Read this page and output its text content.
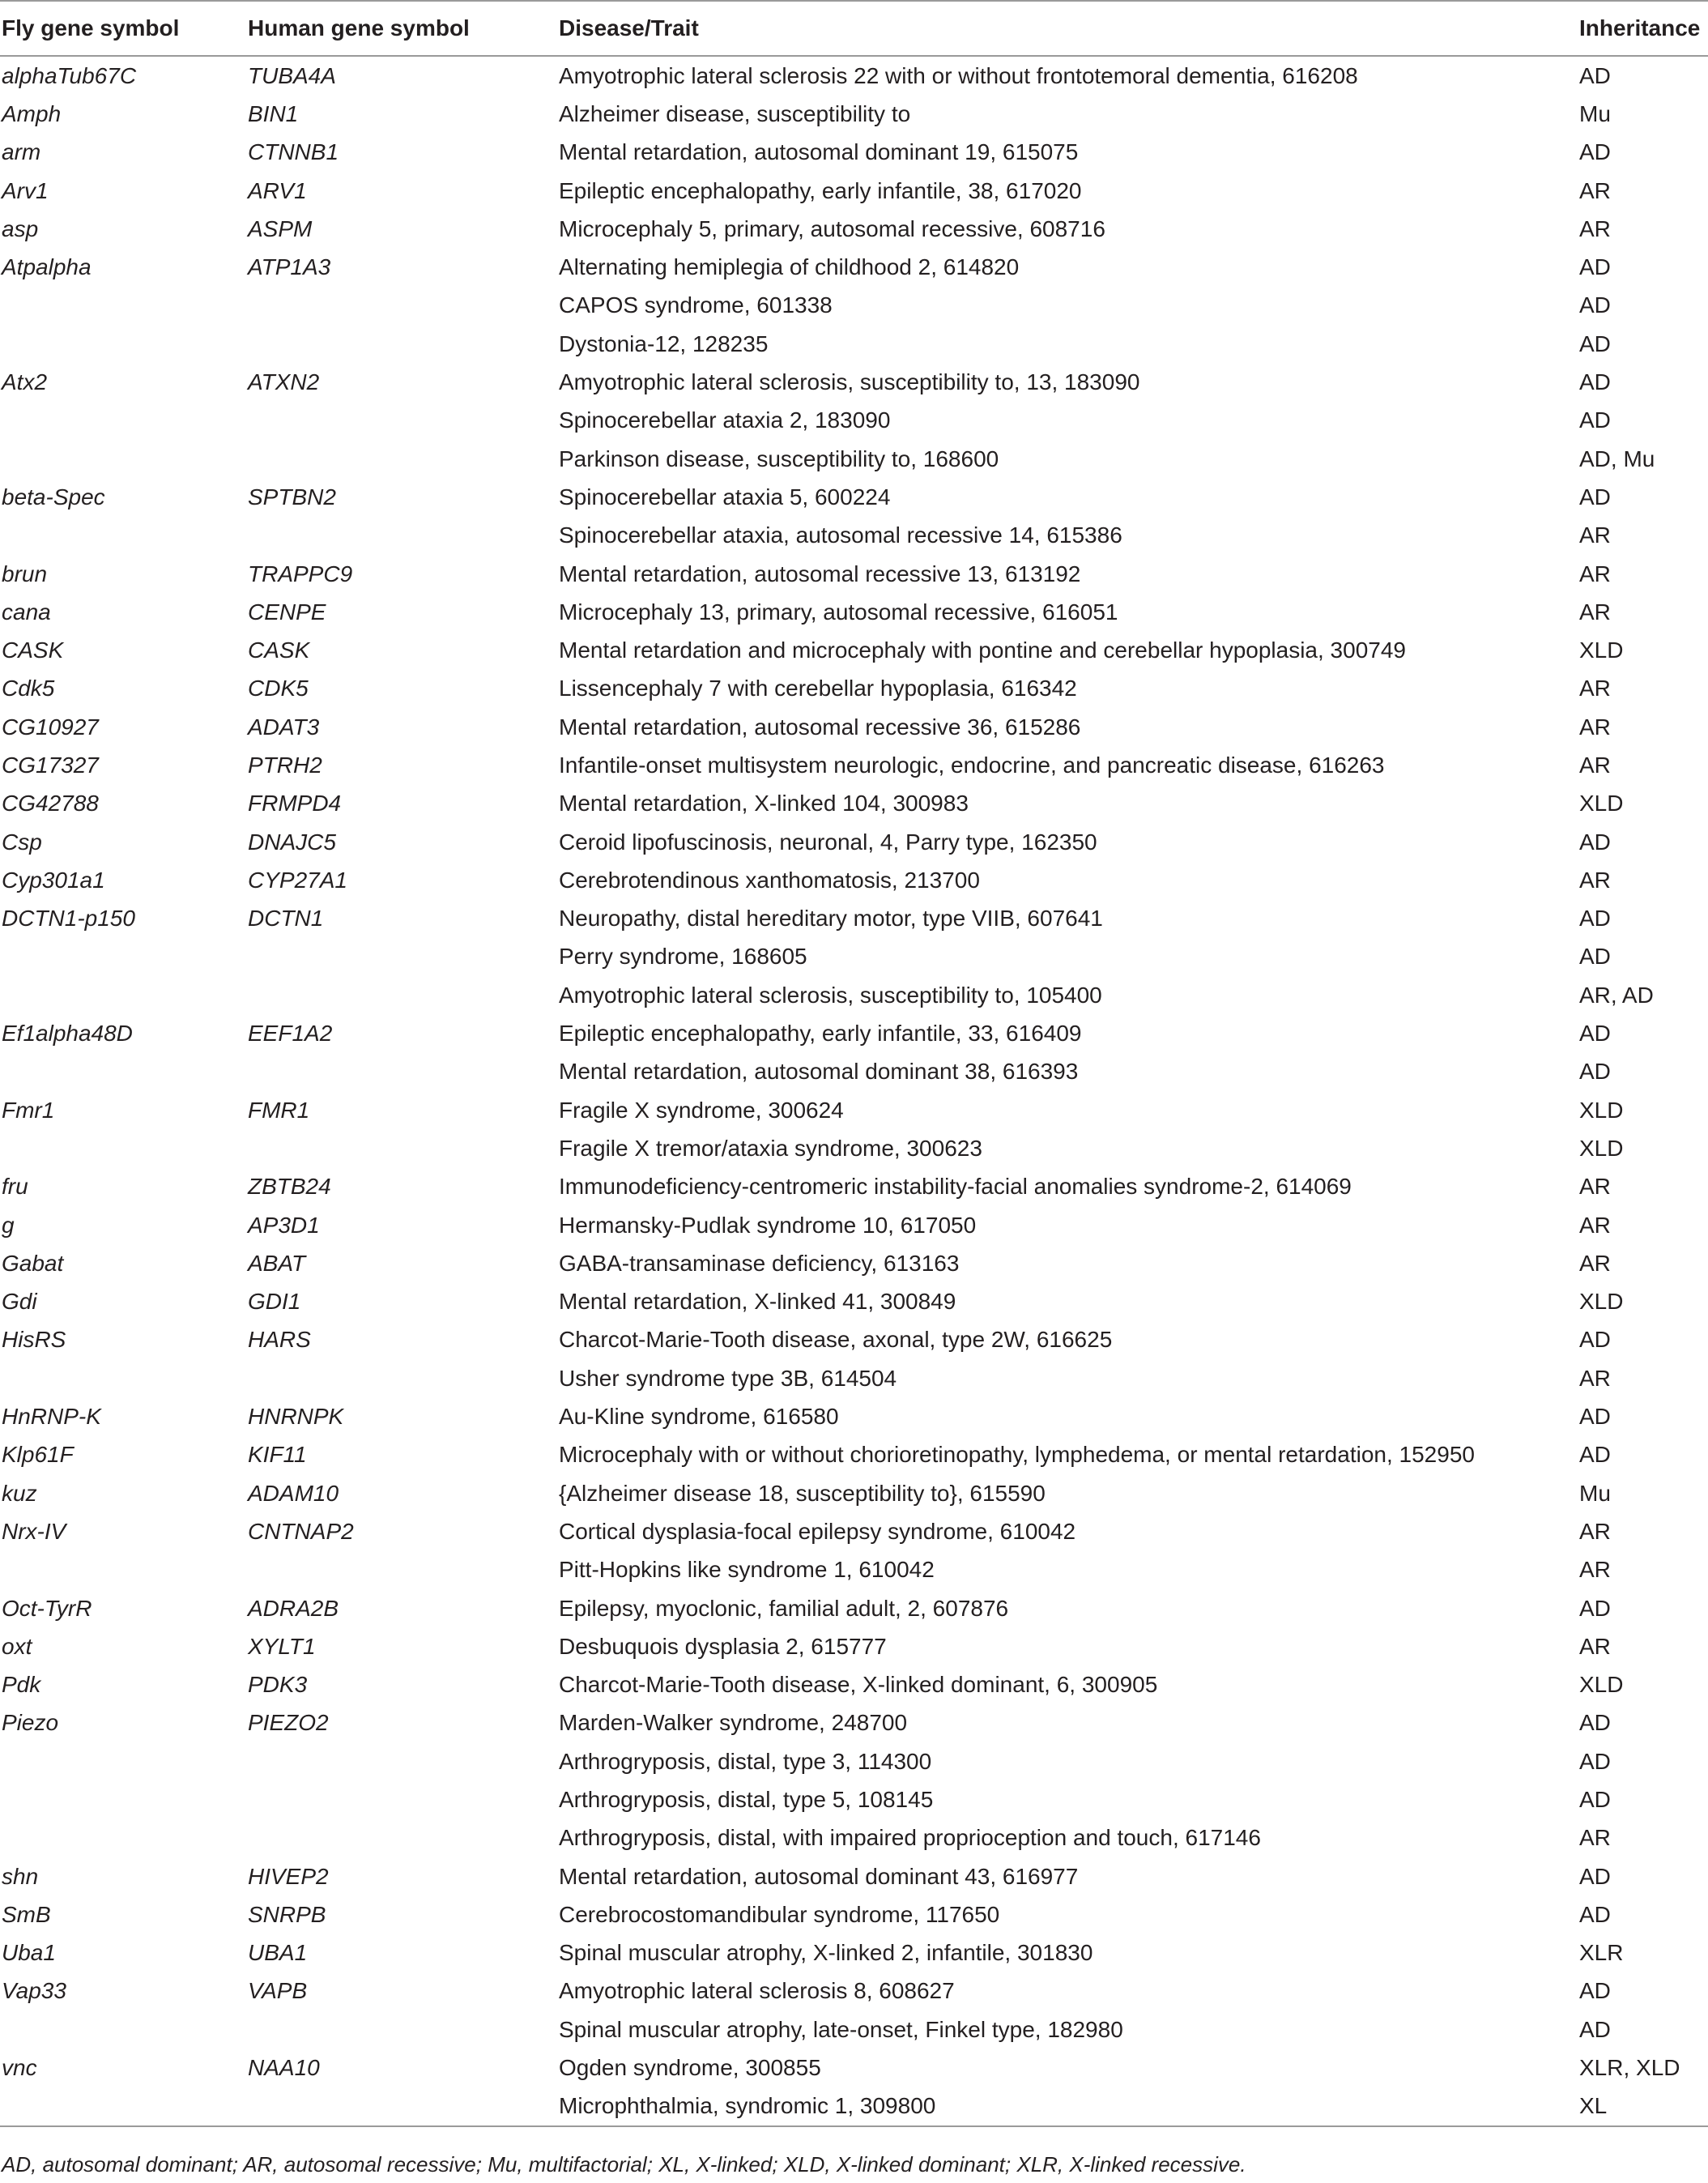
Fly gene symbol	Human gene symbol	Disease/Trait	Inheritance
alphaTub67C	TUBA4A	Amyotrophic lateral sclerosis 22 with or without frontotemoral dementia, 616208	AD
Amph	BIN1	Alzheimer disease, susceptibility to	Mu
arm	CTNNB1	Mental retardation, autosomal dominant 19, 615075	AD
Arv1	ARV1	Epileptic encephalopathy, early infantile, 38, 617020	AR
asp	ASPM	Microcephaly 5, primary, autosomal recessive, 608716	AR
Atpalpha	ATP1A3	Alternating hemiplegia of childhood 2, 614820	AD
		CAPOS syndrome, 601338	AD
		Dystonia-12, 128235	AD
Atx2	ATXN2	Amyotrophic lateral sclerosis, susceptibility to, 13, 183090	AD
		Spinocerebellar ataxia 2, 183090	AD
		Parkinson disease, susceptibility to, 168600	AD, Mu
beta-Spec	SPTBN2	Spinocerebellar ataxia 5, 600224	AD
		Spinocerebellar ataxia, autosomal recessive 14, 615386	AR
brun	TRAPPC9	Mental retardation, autosomal recessive 13, 613192	AR
cana	CENPE	Microcephaly 13, primary, autosomal recessive, 616051	AR
CASK	CASK	Mental retardation and microcephaly with pontine and cerebellar hypoplasia, 300749	XLD
Cdk5	CDK5	Lissencephaly 7 with cerebellar hypoplasia, 616342	AR
CG10927	ADAT3	Mental retardation, autosomal recessive 36, 615286	AR
CG17327	PTRH2	Infantile-onset multisystem neurologic, endocrine, and pancreatic disease, 616263	AR
CG42788	FRMPD4	Mental retardation, X-linked 104, 300983	XLD
Csp	DNAJC5	Ceroid lipofuscinosis, neuronal, 4, Parry type, 162350	AD
Cyp301a1	CYP27A1	Cerebrotendinous xanthomatosis, 213700	AR
DCTN1-p150	DCTN1	Neuropathy, distal hereditary motor, type VIIB, 607641	AD
		Perry syndrome, 168605	AD
		Amyotrophic lateral sclerosis, susceptibility to, 105400	AR, AD
Ef1alpha48D	EEF1A2	Epileptic encephalopathy, early infantile, 33, 616409	AD
		Mental retardation, autosomal dominant 38, 616393	AD
Fmr1	FMR1	Fragile X syndrome, 300624	XLD
		Fragile X tremor/ataxia syndrome, 300623	XLD
fru	ZBTB24	Immunodeficiency-centromeric instability-facial anomalies syndrome-2, 614069	AR
g	AP3D1	Hermansky-Pudlak syndrome 10, 617050	AR
Gabat	ABAT	GABA-transaminase deficiency, 613163	AR
Gdi	GDI1	Mental retardation, X-linked 41, 300849	XLD
HisRS	HARS	Charcot-Marie-Tooth disease, axonal, type 2W, 616625	AD
		Usher syndrome type 3B, 614504	AR
HnRNP-K	HNRNPK	Au-Kline syndrome, 616580	AD
Klp61F	KIF11	Microcephaly with or without chorioretinopathy, lymphedema, or mental retardation, 152950	AD
kuz	ADAM10	{Alzheimer disease 18, susceptibility to}, 615590	Mu
Nrx-IV	CNTNAP2	Cortical dysplasia-focal epilepsy syndrome, 610042	AR
		Pitt-Hopkins like syndrome 1, 610042	AR
Oct-TyrR	ADRA2B	Epilepsy, myoclonic, familial adult, 2, 607876	AD
oxt	XYLT1	Desbuquois dysplasia 2, 615777	AR
Pdk	PDK3	Charcot-Marie-Tooth disease, X-linked dominant, 6, 300905	XLD
Piezo	PIEZO2	Marden-Walker syndrome, 248700	AD
		Arthrogryposis, distal, type 3, 114300	AD
		Arthrogryposis, distal, type 5, 108145	AD
		Arthrogryposis, distal, with impaired proprioception and touch, 617146	AR
shn	HIVEP2	Mental retardation, autosomal dominant 43, 616977	AD
SmB	SNRPB	Cerebrocostomandibular syndrome, 117650	AD
Uba1	UBA1	Spinal muscular atrophy, X-linked 2, infantile, 301830	XLR
Vap33	VAPB	Amyotrophic lateral sclerosis 8, 608627	AD
		Spinal muscular atrophy, late-onset, Finkel type, 182980	AD
vnc	NAA10	Ogden syndrome, 300855	XLR, XLD
		Microphthalmia, syndromic 1, 309800	XL
AD, autosomal dominant; AR, autosomal recessive; Mu, multifactorial; XL, X-linked; XLD, X-linked dominant; XLR, X-linked recessive.
